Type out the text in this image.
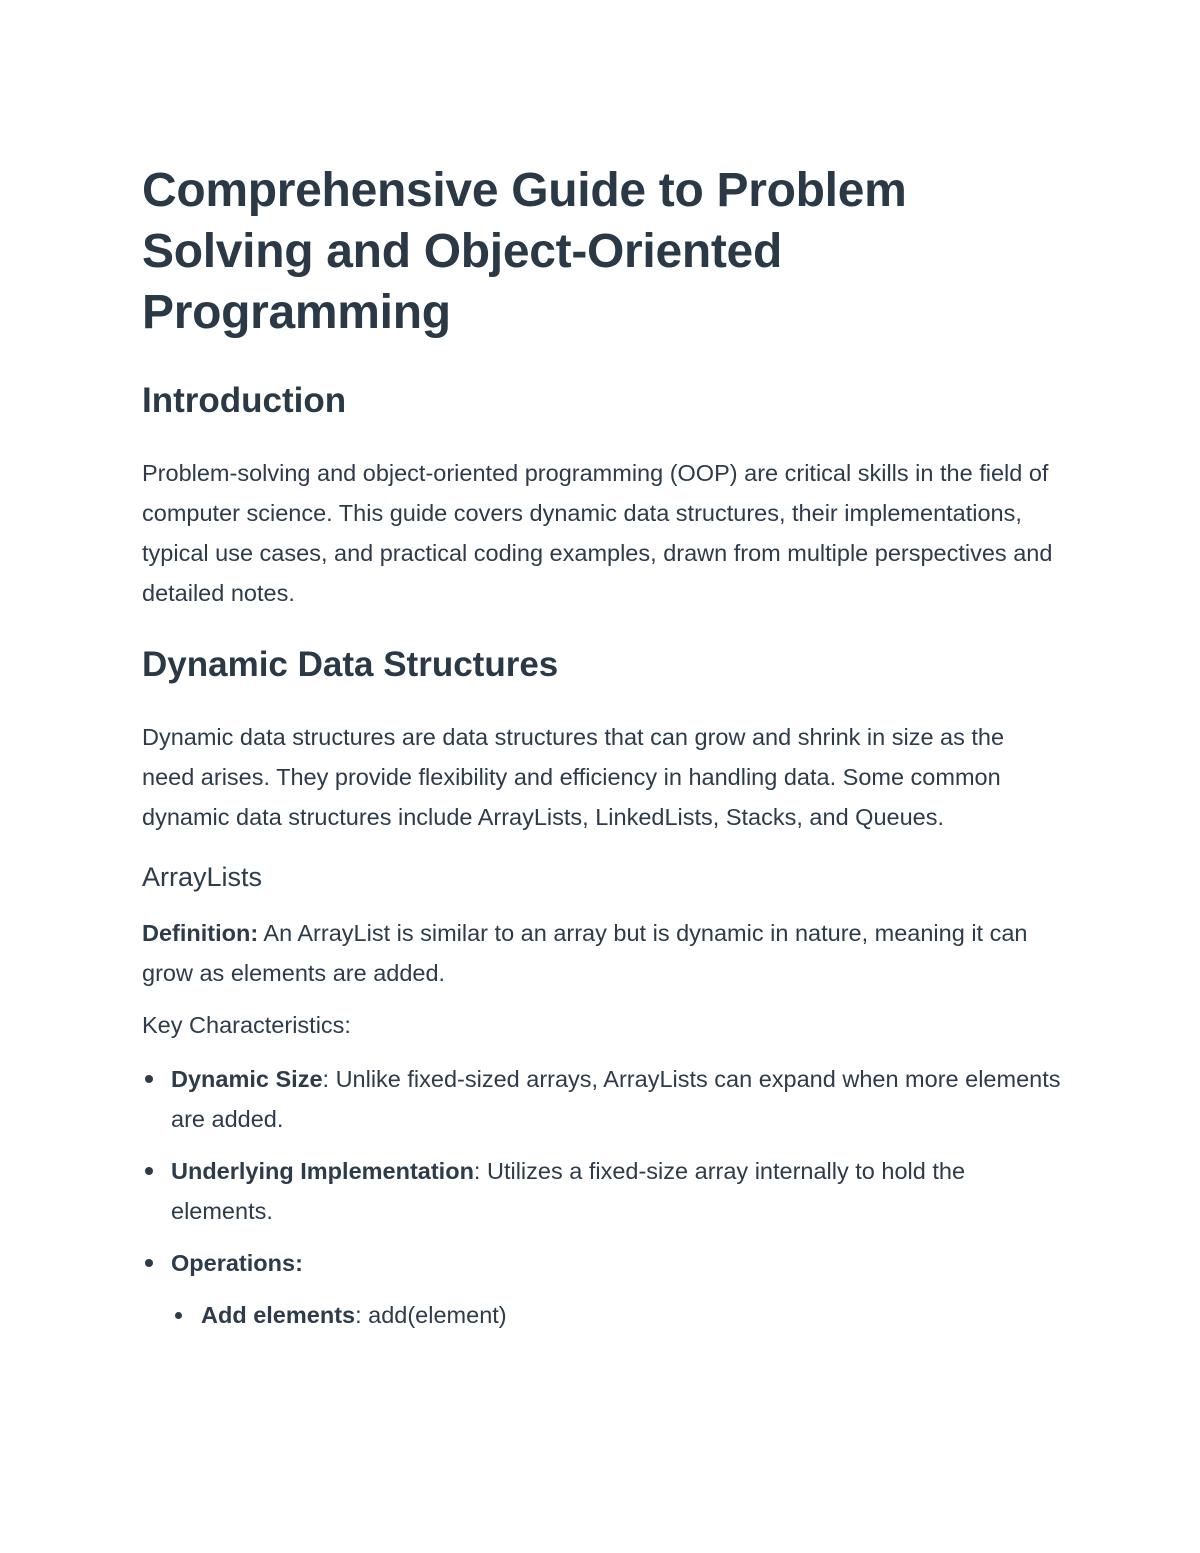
Comprehensive Guide to Problem Solving and Object-Oriented Programming
Introduction

Problem-solving and object-oriented programming (OOP) are critical skills in the field of computer science. This guide covers dynamic data structures, their implementations, typical use cases, and practical coding examples, drawn from multiple perspectives and detailed notes.

Dynamic Data Structures

Dynamic data structures are data structures that can grow and shrink in size as the need arises. They provide flexibility and efficiency in handling data. Some common dynamic data structures include ArrayLists, LinkedLists, Stacks, and Queues.

ArrayLists

Definition: An ArrayList is similar to an array but is dynamic in nature, meaning it can grow as elements are added.

Key Characteristics:

Dynamic Size: Unlike fixed-sized arrays, ArrayLists can expand when more elements are added.
Underlying Implementation: Utilizes a fixed-size array internally to hold the elements.
Operations:
Add elements: add(element)
